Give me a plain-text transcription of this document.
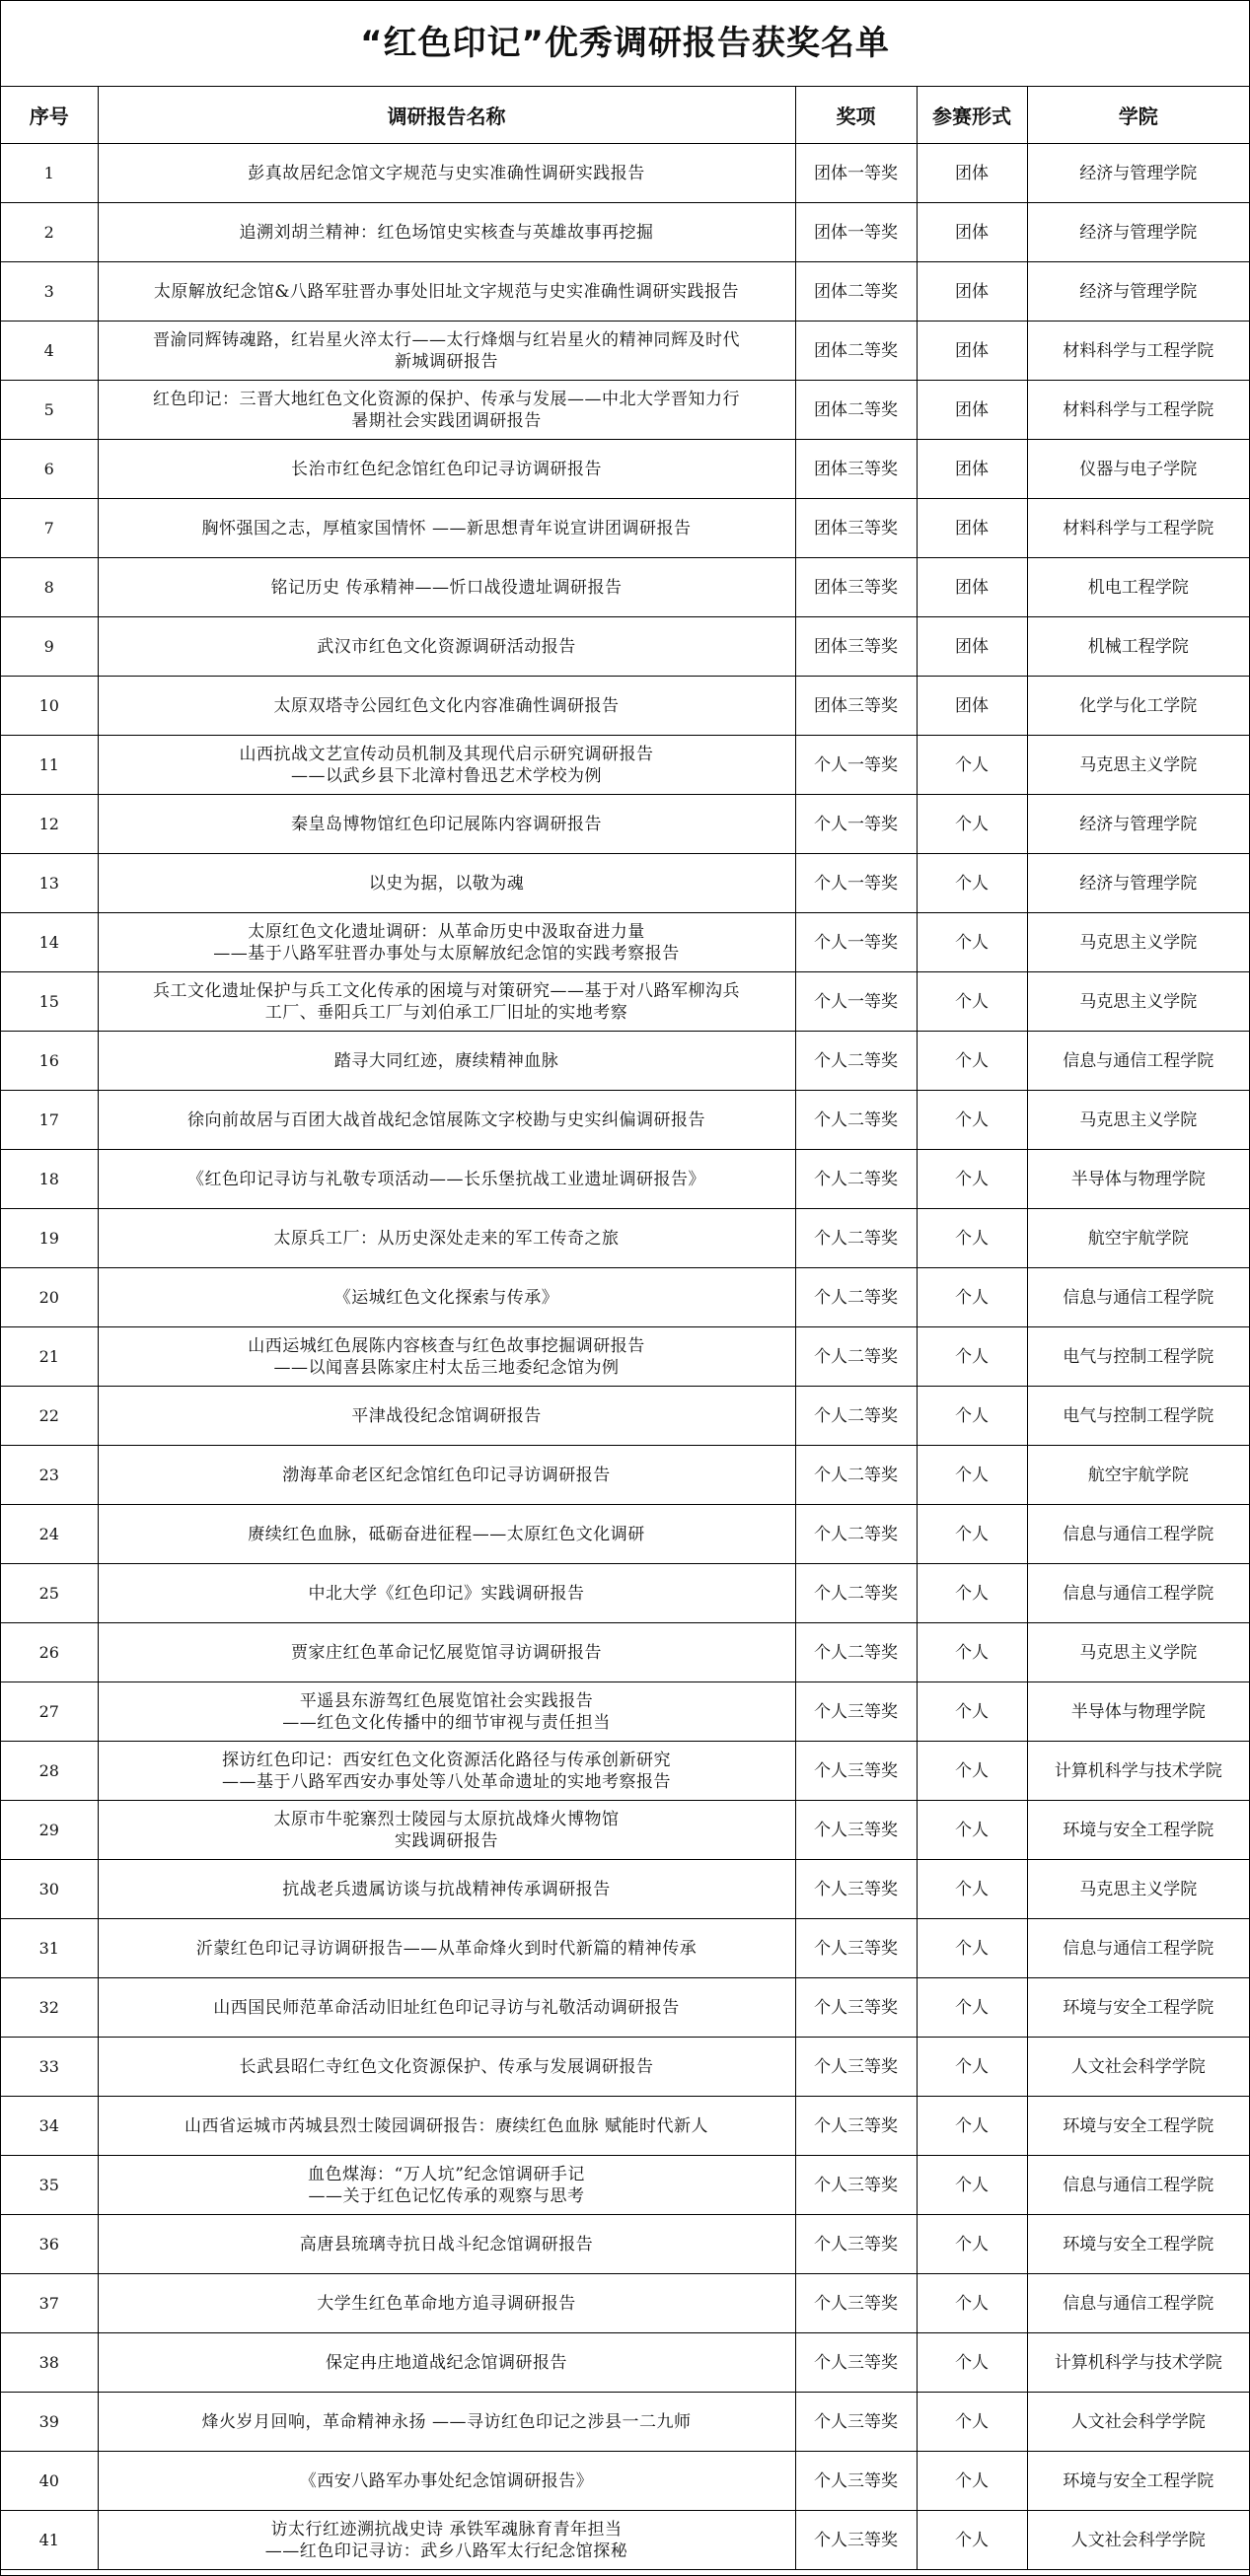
“红色印记”优秀调研报告获奖名单
序号	调研报告名称	奖项	参赛形式	学院
1	彭真故居纪念馆文字规范与史实准确性调研实践报告	团体一等奖	团体	经济与管理学院
2	追溯刘胡兰精神：红色场馆史实核查与英雄故事再挖掘	团体一等奖	团体	经济与管理学院
3	太原解放纪念馆&八路军驻晋办事处旧址文字规范与史实准确性调研实践报告	团体二等奖	团体	经济与管理学院
4	晋渝同辉铸魂路，红岩星火淬太行——太行烽烟与红岩星火的精神同辉及时代
新城调研报告	团体二等奖	团体	材料科学与工程学院
5	红色印记：三晋大地红色文化资源的保护、传承与发展——中北大学晋知力行
暑期社会实践团调研报告	团体二等奖	团体	材料科学与工程学院
6	长治市红色纪念馆红色印记寻访调研报告	团体三等奖	团体	仪器与电子学院
7	胸怀强国之志，厚植家国情怀 ——新思想青年说宣讲团调研报告	团体三等奖	团体	材料科学与工程学院
8	铭记历史 传承精神——忻口战役遗址调研报告	团体三等奖	团体	机电工程学院
9	武汉市红色文化资源调研活动报告	团体三等奖	团体	机械工程学院
10	太原双塔寺公园红色文化内容准确性调研报告	团体三等奖	团体	化学与化工学院
11	山西抗战文艺宣传动员机制及其现代启示研究调研报告
——以武乡县下北漳村鲁迅艺术学校为例	个人一等奖	个人	马克思主义学院
12	秦皇岛博物馆红色印记展陈内容调研报告	个人一等奖	个人	经济与管理学院
13	以史为据，以敬为魂	个人一等奖	个人	经济与管理学院
14	太原红色文化遗址调研：从革命历史中汲取奋进力量
——基于八路军驻晋办事处与太原解放纪念馆的实践考察报告	个人一等奖	个人	马克思主义学院
15	兵工文化遗址保护与兵工文化传承的困境与对策研究——基于对八路军柳沟兵
工厂、垂阳兵工厂与刘伯承工厂旧址的实地考察	个人一等奖	个人	马克思主义学院
16	踏寻大同红迹，赓续精神血脉	个人二等奖	个人	信息与通信工程学院
17	徐向前故居与百团大战首战纪念馆展陈文字校勘与史实纠偏调研报告	个人二等奖	个人	马克思主义学院
18	《红色印记寻访与礼敬专项活动——长乐堡抗战工业遗址调研报告》	个人二等奖	个人	半导体与物理学院
19	太原兵工厂：从历史深处走来的军工传奇之旅	个人二等奖	个人	航空宇航学院
20	《运城红色文化探索与传承》	个人二等奖	个人	信息与通信工程学院
21	山西运城红色展陈内容核查与红色故事挖掘调研报告
——以闻喜县陈家庄村太岳三地委纪念馆为例	个人二等奖	个人	电气与控制工程学院
22	平津战役纪念馆调研报告	个人二等奖	个人	电气与控制工程学院
23	渤海革命老区纪念馆红色印记寻访调研报告	个人二等奖	个人	航空宇航学院
24	赓续红色血脉，砥砺奋进征程——太原红色文化调研	个人二等奖	个人	信息与通信工程学院
25	中北大学《红色印记》实践调研报告	个人二等奖	个人	信息与通信工程学院
26	贾家庄红色革命记忆展览馆寻访调研报告	个人二等奖	个人	马克思主义学院
27	平遥县东游驾红色展览馆社会实践报告
——红色文化传播中的细节审视与责任担当	个人三等奖	个人	半导体与物理学院
28	探访红色印记：西安红色文化资源活化路径与传承创新研究
——基于八路军西安办事处等八处革命遗址的实地考察报告	个人三等奖	个人	计算机科学与技术学院
29	太原市牛驼寨烈士陵园与太原抗战烽火博物馆
实践调研报告	个人三等奖	个人	环境与安全工程学院
30	抗战老兵遗属访谈与抗战精神传承调研报告	个人三等奖	个人	马克思主义学院
31	沂蒙红色印记寻访调研报告——从革命烽火到时代新篇的精神传承	个人三等奖	个人	信息与通信工程学院
32	山西国民师范革命活动旧址红色印记寻访与礼敬活动调研报告	个人三等奖	个人	环境与安全工程学院
33	长武县昭仁寺红色文化资源保护、传承与发展调研报告	个人三等奖	个人	人文社会科学学院
34	山西省运城市芮城县烈士陵园调研报告：赓续红色血脉 赋能时代新人	个人三等奖	个人	环境与安全工程学院
35	血色煤海：“万人坑”纪念馆调研手记
——关于红色记忆传承的观察与思考	个人三等奖	个人	信息与通信工程学院
36	高唐县琉璃寺抗日战斗纪念馆调研报告	个人三等奖	个人	环境与安全工程学院
37	大学生红色革命地方追寻调研报告	个人三等奖	个人	信息与通信工程学院
38	保定冉庄地道战纪念馆调研报告	个人三等奖	个人	计算机科学与技术学院
39	烽火岁月回响，革命精神永扬 ——寻访红色印记之涉县一二九师	个人三等奖	个人	人文社会科学学院
40	《西安八路军办事处纪念馆调研报告》	个人三等奖	个人	环境与安全工程学院
41	访太行红迹溯抗战史诗 承铁军魂脉育青年担当
——红色印记寻访：武乡八路军太行纪念馆探秘	个人三等奖	个人	人文社会科学学院
